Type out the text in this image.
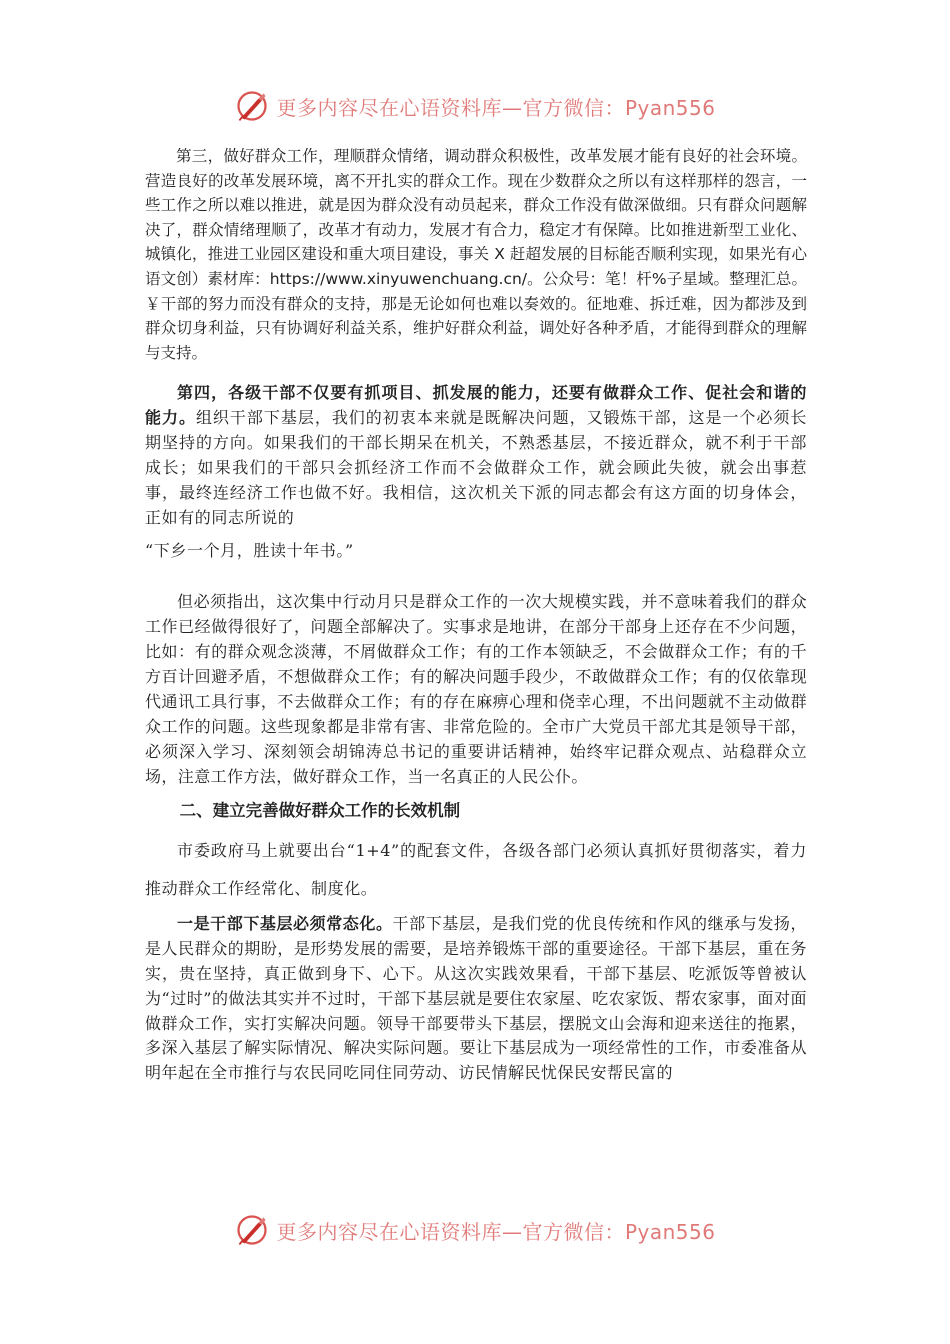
更多内容尽在心语资料库—官方微信：Pyan556

第三，做好群众工作，理顺群众情绪，调动群众积极性，改革发展才能有良好的社会环境。营造良好的改革发展环境，离不开扎实的群众工作。现在少数群众之所以有这样那样的怨言，一些工作之所以难以推进，就是因为群众没有动员起来，群众工作没有做深做细。只有群众问题解决了，群众情绪理顺了，改革才有动力，发展才有合力，稳定才有保障。比如推进新型工业化、城镇化，推进工业园区建设和重大项目建设，事关 X 赶超发展的目标能否顺利实现，如果光有心语文创）素材库：https://www.xinyuwenchuang.cn/。公众号：笔！杆%子星域。整理汇总。￥干部的努力而没有群众的支持，那是无论如何也难以奏效的。征地难、拆迁难，因为都涉及到群众切身利益，只有协调好利益关系，维护好群众利益，调处好各种矛盾，才能得到群众的理解与支持。

第四，各级干部不仅要有抓项目、抓发展的能力，还要有做群众工作、促社会和谐的能力。组织干部下基层，我们的初衷本来就是既解决问题，又锻炼干部，这是一个必须长期坚持的方向。如果我们的干部长期呆在机关，不熟悉基层，不接近群众，就不利于干部成长；如果我们的干部只会抓经济工作而不会做群众工作，就会顾此失彼，就会出事惹事，最终连经济工作也做不好。我相信，这次机关下派的同志都会有这方面的切身体会，正如有的同志所说的
“下乡一个月，胜读十年书。”

但必须指出，这次集中行动月只是群众工作的一次大规模实践，并不意味着我们的群众工作已经做得很好了，问题全部解决了。实事求是地讲，在部分干部身上还存在不少问题，比如：有的群众观念淡薄，不屑做群众工作；有的工作本领缺乏，不会做群众工作；有的千方百计回避矛盾，不想做群众工作；有的解决问题手段少，不敢做群众工作；有的仅依靠现代通讯工具行事，不去做群众工作；有的存在麻痹心理和侥幸心理，不出问题就不主动做群众工作的问题。这些现象都是非常有害、非常危险的。全市广大党员干部尤其是领导干部，必须深入学习、深刻领会胡锦涛总书记的重要讲话精神，始终牢记群众观点、站稳群众立场，注意工作方法，做好群众工作，当一名真正的人民公仆。

二、建立完善做好群众工作的长效机制

市委政府马上就要出台“1+4”的配套文件，各级各部门必须认真抓好贯彻落实，着力推动群众工作经常化、制度化。

一是干部下基层必须常态化。干部下基层，是我们党的优良传统和作风的继承与发扬，是人民群众的期盼，是形势发展的需要，是培养锻炼干部的重要途径。干部下基层，重在务实，贵在坚持，真正做到身下、心下。从这次实践效果看，干部下基层、吃派饭等曾被认为“过时”的做法其实并不过时，干部下基层就是要住农家屋、吃农家饭、帮农家事，面对面做群众工作，实打实解决问题。领导干部要带头下基层，摆脱文山会海和迎来送往的拖累，多深入基层了解实际情况、解决实际问题。要让下基层成为一项经常性的工作，市委准备从明年起在全市推行与农民同吃同住同劳动、访民情解民忧保民安帮民富的

更多内容尽在心语资料库—官方微信：Pyan556
